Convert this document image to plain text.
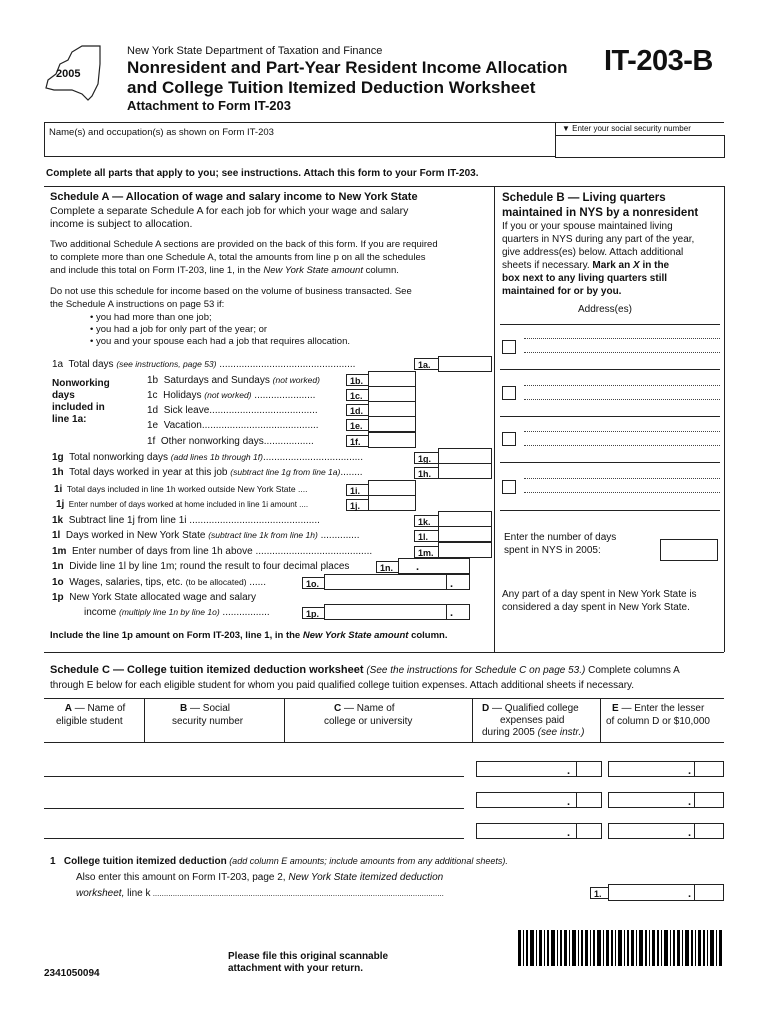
2005
New York State Department of Taxation and Finance
Nonresident and Part-Year Resident Income Allocation
and College Tuition Itemized Deduction Worksheet
Attachment to Form IT-203
IT-203-B
Name(s) and occupation(s) as shown on Form IT-203	▼ Enter your social security number
Complete all parts that apply to you; see instructions. Attach this form to your Form IT-203.
Schedule A — Allocation of wage and salary income to New York State
Complete a separate Schedule A for each job for which your wage and salary
income is subject to allocation.
Two additional Schedule A sections are provided on the back of this form. If you are required
to complete more than one Schedule A, total the amounts from line p on all the schedules
and include this total on Form IT-203, line 1, in the New York State amount column.
Do not use this schedule for income based on the volume of business transacted. See
the Schedule A instructions on page 53 if:
• you had more than one job;
• you had a job for only part of the year; or
• you and your spouse each had a job that requires allocation.
Nonworking
days
included in
line 1a:
1a Total days (see instructions, page 53) .................................................	1a.
1b Saturdays and Sundays (not worked)	1b.
1c Holidays (not worked) ......................	1c.
1d Sick leave.......................................	1d.
1e Vacation..........................................	1e.
1f Other nonworking days..................	1f.
1g Total nonworking days (add lines 1b through 1f)....................................	1g.
1h Total days worked in year at this job (subtract line 1g from line 1a)........	1h.
1i Total days included in line 1h worked outside New York State ....	1i.
1j Enter number of days worked at home included in line 1i amount ....	1j.
1k Subtract line 1j from line 1i ...............................................	1k.
1l Days worked in New York State (subtract line 1k from line 1h) ..............	1l.
1m Enter number of days from line 1h above ..........................................	1m.
1n Divide line 1l by line 1m; round the result to four decimal places	1n.	.
1o Wages, salaries, tips, etc. (to be allocated) ......	1o.	.
1p New York State allocated wage and salary
income (multiply line 1n by line 1o) .................	1p.	.
Include the line 1p amount on Form IT-203, line 1, in the New York State amount column.
Schedule B — Living quarters
maintained in NYS by a nonresident
If you or your spouse maintained living
quarters in NYS during any part of the year,
give address(es) below. Attach additional
sheets if necessary. Mark an X in the
box next to any living quarters still
maintained for or by you.
Address(es)
Enter the number of days
spent in NYS in 2005:
Any part of a day spent in New York State is
considered a day spent in New York State.
Schedule C — College tuition itemized deduction worksheet (See the instructions for Schedule C on page 53.) Complete columns A
through E below for each eligible student for whom you paid qualified college tuition expenses. Attach additional sheets if necessary.
A — Name of
eligible student
B — Social
security number
C — Name of
college or university
D — Qualified college
expenses paid
during 2005 (see instr.)
E — Enter the lesser
of column D or $10,000
.	.
.	.
.	.
1 College tuition itemized deduction (add column E amounts; include amounts from any additional sheets).
Also enter this amount on Form IT-203, page 2, New York State itemized deduction
worksheet, line k ...................................................................................................................................	1.	.
Please file this original scannable
attachment with your return.
2341050094
